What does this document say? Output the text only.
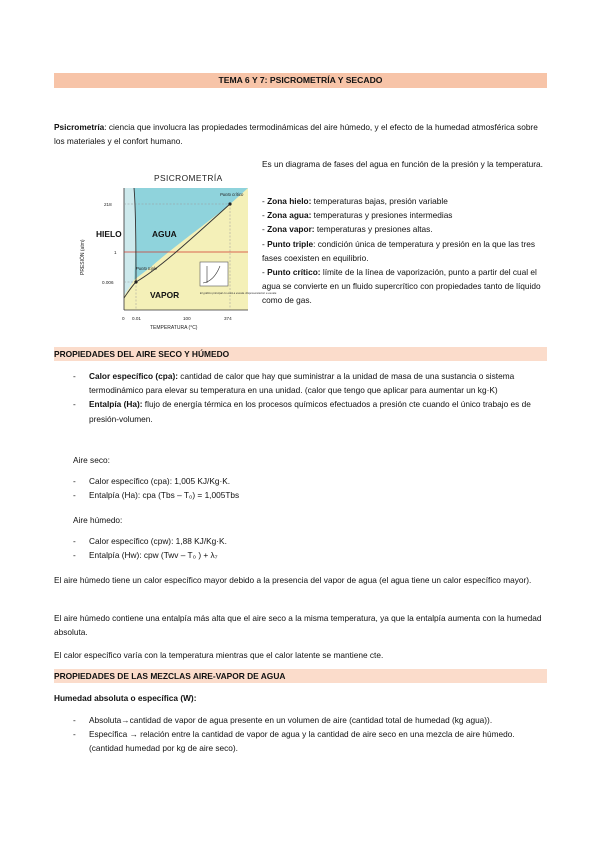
TEMA 6 Y 7: PSICROMETRÍA Y SECADO
Psicrometría: ciencia que involucra las propiedades termodinámicas del aire húmedo, y el efecto de la humedad atmosférica sobre los materiales y el confort humano.
PSICROMETRÍA
HIELO	AGUA
VAPOR
Punto triple
Punto crítico
El gráfico principal no está a escala. Representación a escala
218
1
0.006
0 0.01	100	374
TEMPERATURA (°C)
PRESIÓN (atm)
Es un diagrama de fases del agua en función de la presión y la temperatura.
- Zona hielo: temperaturas bajas, presión variable
- Zona agua: temperaturas y presiones intermedias
- Zona vapor: temperaturas y presiones altas.
- Punto triple: condición única de temperatura y presión en la que las tres fases coexisten en equilibrio.
- Punto crítico: límite de la línea de vaporización, punto a partir del cual el agua se convierte en un fluido supercrítico con propiedades tanto de líquido como de gas.
PROPIEDADES DEL AIRE SECO Y HÚMEDO
- Calor específico (cpa): cantidad de calor que hay que suministrar a la unidad de masa de una sustancia o sistema termodinámico para elevar su temperatura en una unidad. (calor que tengo que aplicar para aumentar un kg·K)
- Entalpía (Ha): flujo de energía térmica en los procesos químicos efectuados a presión cte cuando el único trabajo es de presión-volumen.
Aire seco:
- Calor específico (cpa): 1,005 KJ/Kg·K.
- Entalpía (Ha): cpa (Tbs – T₀) = 1,005Tbs
Aire húmedo:
- Calor específico (cpw): 1,88 KJ/Kg·K.
- Entalpía (Hw): cpw (Twv – T₀ ) + λ₇
El aire húmedo tiene un calor específico mayor debido a la presencia del vapor de agua (el agua tiene un calor específico mayor).
El aire húmedo contiene una entalpía más alta que el aire seco a la misma temperatura, ya que la entalpía aumenta con la humedad absoluta.
El calor específico varía con la temperatura mientras que el calor latente se mantiene cte.
PROPIEDADES DE LAS MEZCLAS AIRE-VAPOR DE AGUA
Humedad absoluta o específica (W):
- Absoluta→cantidad de vapor de agua presente en un volumen de aire (cantidad total de humedad (kg agua)).
- Específica → relación entre la cantidad de vapor de agua y la cantidad de aire seco en una mezcla de aire húmedo. (cantidad humedad por kg de aire seco).
